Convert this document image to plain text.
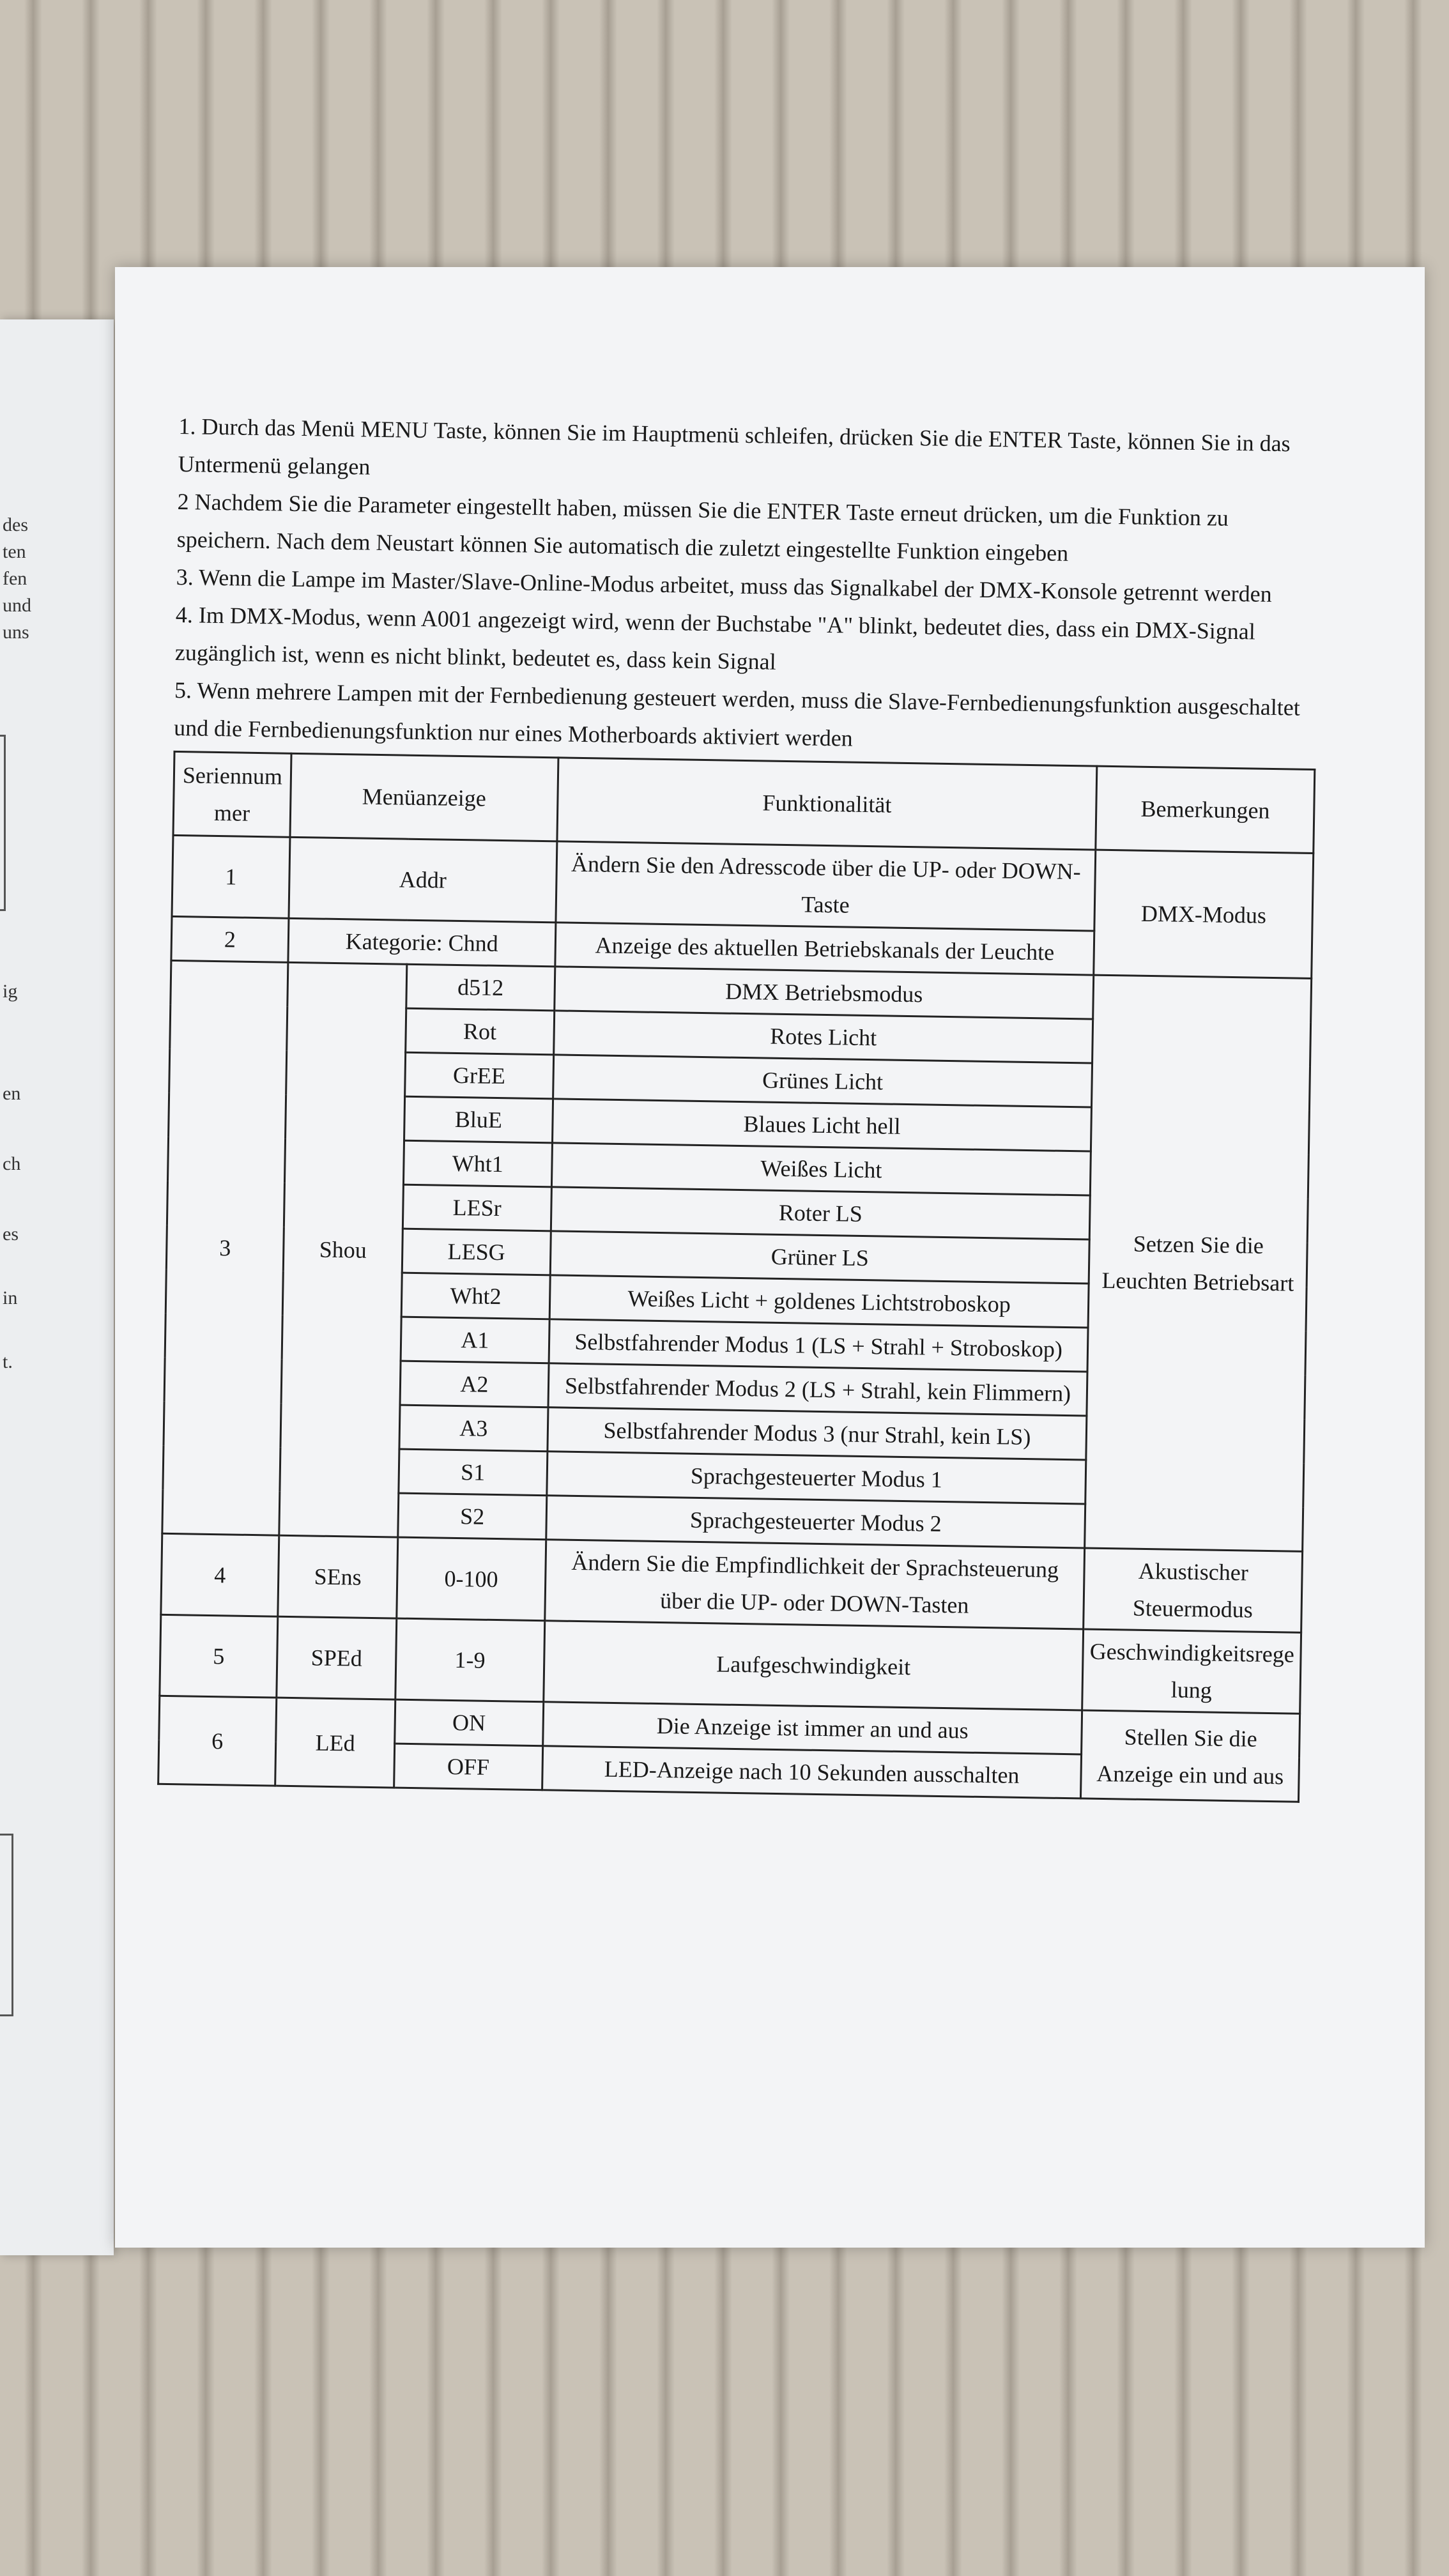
des
ten
fen
und
uns
ig
en
ch
es
in
t.

1. Durch das Menü MENU Taste, können Sie im Hauptmenü schleifen, drücken Sie die ENTER Taste, können Sie in das Untermenü gelangen

2 Nachdem Sie die Parameter eingestellt haben, müssen Sie die ENTER Taste erneut drücken, um die Funktion zu speichern. Nach dem Neustart können Sie automatisch die zuletzt eingestellte Funktion eingeben

3. Wenn die Lampe im Master/Slave-Online-Modus arbeitet, muss das Signalkabel der DMX-Konsole getrennt werden

4. Im DMX-Modus, wenn A001 angezeigt wird, wenn der Buchstabe "A" blinkt, bedeutet dies, dass ein DMX-Signal zugänglich ist, wenn es nicht blinkt, bedeutet es, dass kein Signal

5. Wenn mehrere Lampen mit der Fernbedienung gesteuert werden, muss die Slave-Fernbedienungsfunktion ausgeschaltet und die Fernbedienungsfunktion nur eines Motherboards aktiviert werden

Seriennummer	Menüanzeige		Funktionalität	Bemerkungen
1	Addr		Ändern Sie den Adresscode über die UP- oder DOWN-Taste	DMX-Modus
2	Kategorie: Chnd		Anzeige des aktuellen Betriebskanals der Leuchte	
3	Shou	d512	DMX Betriebsmodus	Setzen Sie die Leuchten Betriebsart
		Rot	Rotes Licht	
		GrEE	Grünes Licht	
		BluE	Blaues Licht hell	
		Wht1	Weißes Licht	
		LESr	Roter LS	
		LESG	Grüner LS	
		Wht2	Weißes Licht + goldenes Lichtstroboskop	
		A1	Selbstfahrender Modus 1 (LS + Strahl + Stroboskop)	
		A2	Selbstfahrender Modus 2 (LS + Strahl, kein Flimmern)	
		A3	Selbstfahrender Modus 3 (nur Strahl, kein LS)	
		S1	Sprachgesteuerter Modus 1	
		S2	Sprachgesteuerter Modus 2	
4	SEns	0-100	Ändern Sie die Empfindlichkeit der Sprachsteuerung über die UP- oder DOWN-Tasten	Akustischer Steuermodus
5	SPEd	1-9	Laufgeschwindigkeit	Geschwindigkeitsregelung
6	LEd	ON	Die Anzeige ist immer an und aus	Stellen Sie die Anzeige ein und aus
		OFF	LED-Anzeige nach 10 Sekunden ausschalten	
